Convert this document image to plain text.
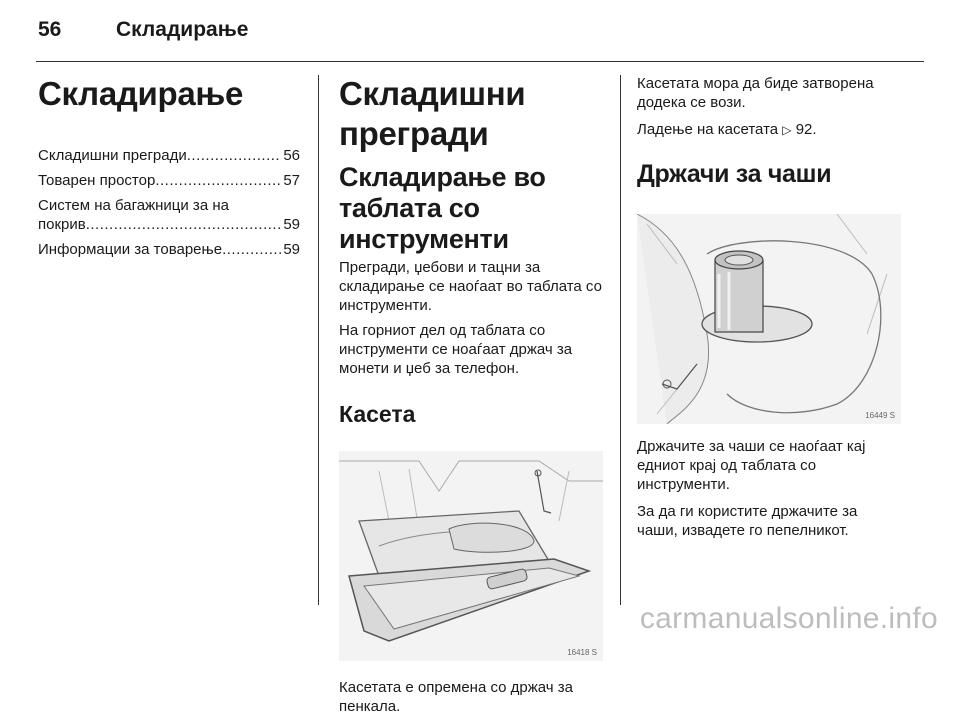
56	Складирање
Складирање
Складишни прегради .....	56
Товарен простор .....	57
Систем на багажници за на
покрив .....	59
Информации за товарење .....	59
Складишни прегради
Складирање во таблата со инструменти

Прегради, џебови и тацни за складирање се наоѓаат во таблата со инструменти.

На горниот дел од таблата со инструменти се ноаѓаат држач за монети и џеб за телефон.

Касета
16418 S

Касетата е опремена со држач за пенкала.

Касетата мора да биде затворена додека се вози.

Ладење на касетата ▷ 92.

Држачи за чаши
16449 S

Држачите за чаши се наоѓаат кај едниот крај од таблата со инструменти.

За да ги користите држачите за чаши, извадете го пепелникот.

carmanualsonline.info
